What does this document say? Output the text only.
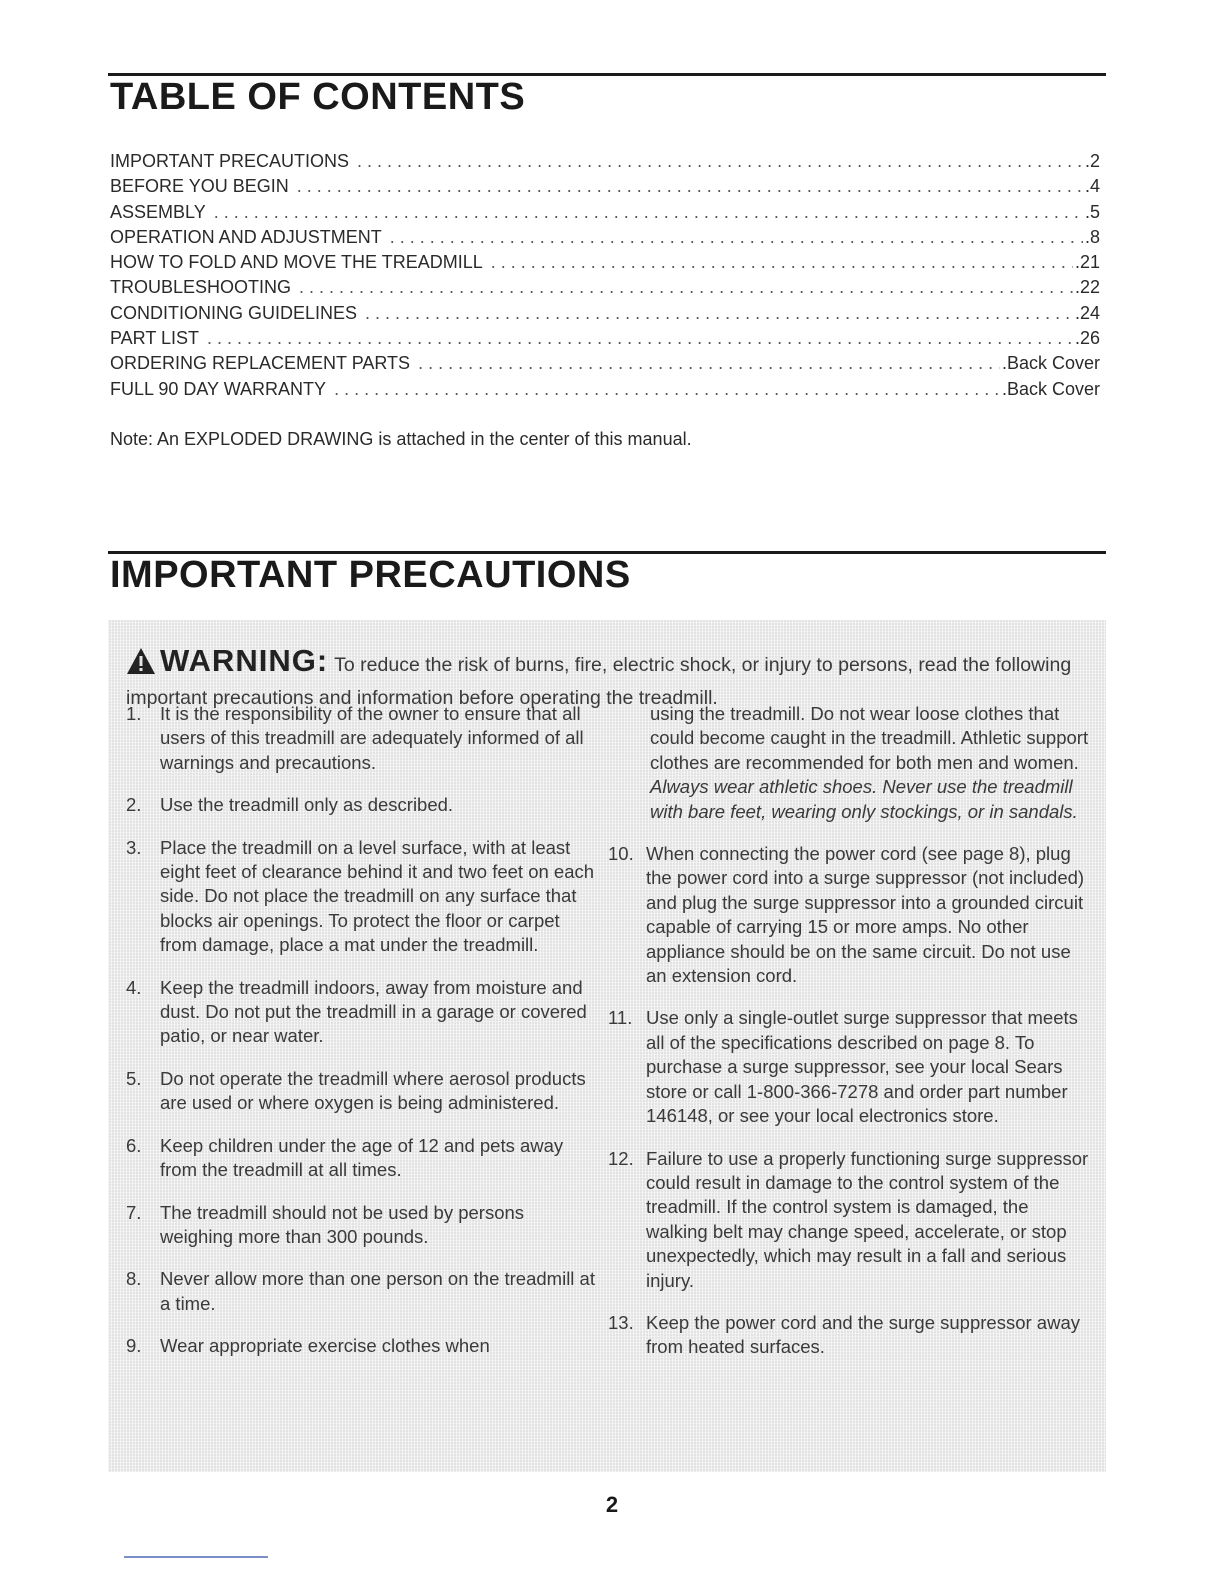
TABLE OF CONTENTS
IMPORTANT PRECAUTIONS . . .	.2
BEFORE YOU BEGIN . . .	.4
ASSEMBLY . . .	.5
OPERATION AND ADJUSTMENT . . .	.8
HOW TO FOLD AND MOVE THE TREADMILL . . .	.21
TROUBLESHOOTING . . .	.22
CONDITIONING GUIDELINES . . .	.24
PART LIST . . .	.26
ORDERING REPLACEMENT PARTS . . .	.Back Cover
FULL 90 DAY WARRANTY . . .	.Back Cover

Note: An EXPLODED DRAWING is attached in the center of this manual.

IMPORTANT PRECAUTIONS

WARNING: To reduce the risk of burns, fire, electric shock, or injury to persons, read the following important precautions and information before operating the treadmill.

1.	It is the responsibility of the owner to ensure that all users of this treadmill are adequately informed of all warnings and precautions.
2.	Use the treadmill only as described.
3.	Place the treadmill on a level surface, with at least eight feet of clearance behind it and two feet on each side. Do not place the treadmill on any surface that blocks air openings. To protect the floor or carpet from damage, place a mat under the treadmill.
4.	Keep the treadmill indoors, away from moisture and dust. Do not put the treadmill in a garage or covered patio, or near water.
5.	Do not operate the treadmill where aerosol products are used or where oxygen is being administered.
6.	Keep children under the age of 12 and pets away from the treadmill at all times.
7.	The treadmill should not be used by persons weighing more than 300 pounds.
8.	Never allow more than one person on the treadmill at a time.
9.	Wear appropriate exercise clothes when
using the treadmill. Do not wear loose clothes that could become caught in the treadmill. Athletic support clothes are recommended for both men and women. Always wear athletic shoes. Never use the treadmill with bare feet, wearing only stockings, or in sandals.
10. When connecting the power cord (see page 8), plug the power cord into a surge suppressor (not included) and plug the surge suppressor into a grounded circuit capable of carrying 15 or more amps. No other appliance should be on the same circuit. Do not use an extension cord.
11. Use only a single-outlet surge suppressor that meets all of the specifications described on page 8. To purchase a surge suppressor, see your local Sears store or call 1-800-366-7278 and order part number 146148, or see your local electronics store.
12. Failure to use a properly functioning surge suppressor could result in damage to the control system of the treadmill. If the control system is damaged, the walking belt may change speed, accelerate, or stop unexpectedly, which may result in a fall and serious injury.
13. Keep the power cord and the surge suppressor away from heated surfaces.

2
